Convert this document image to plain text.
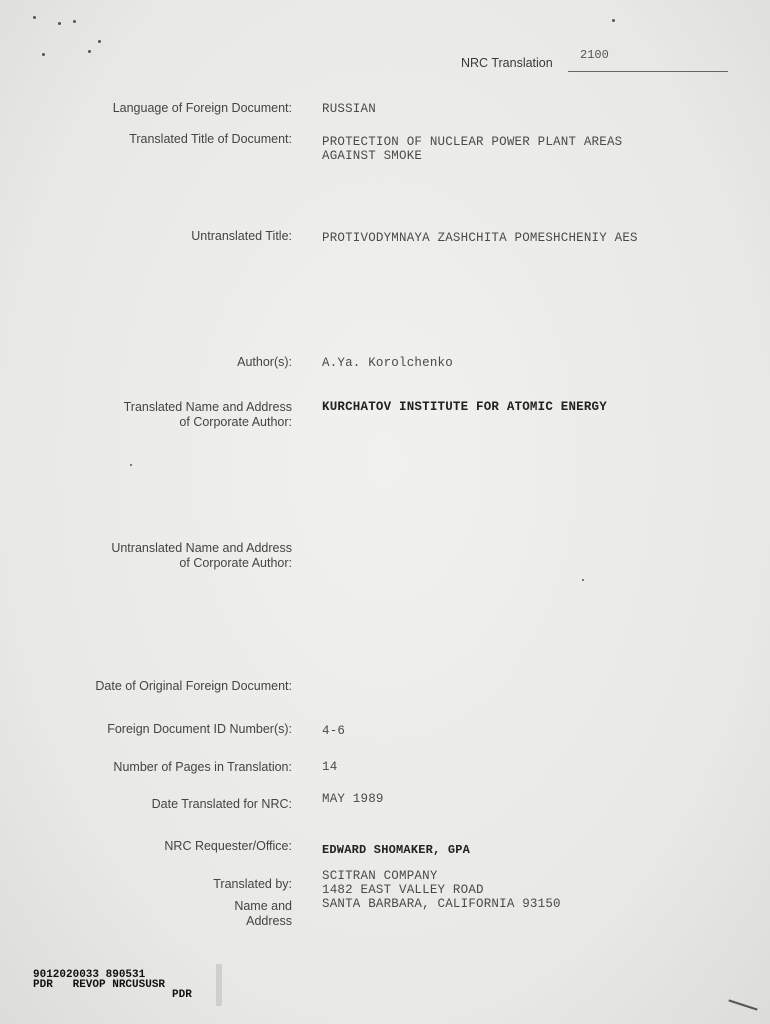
NRC Translation
2100
Language of Foreign Document: RUSSIAN
Translated Title of Document: PROTECTION OF NUCLEAR POWER PLANT AREAS
AGAINST SMOKE
Untranslated Title: PROTIVODYMNAYA ZASHCHITA POMESHCHENIY AES
Author(s): A.Ya. Korolchenko
Translated Name and Address
of Corporate Author:
KURCHATOV INSTITUTE FOR ATOMIC ENERGY
Untranslated Name and Address
of Corporate Author:
Date of Original Foreign Document:
Foreign Document ID Number(s): 4-6
Number of Pages in Translation: 14
Date Translated for NRC: MAY 1989
NRC Requester/Office:	EDWARD SHOMAKER, GPA
Translated by:
SCITRAN COMPANY
1482 EAST VALLEY ROAD
SANTA BARBARA, CALIFORNIA 93150
Name and
Address
9012020033 890531
PDR   REVOP NRCUSUSR
PDR
